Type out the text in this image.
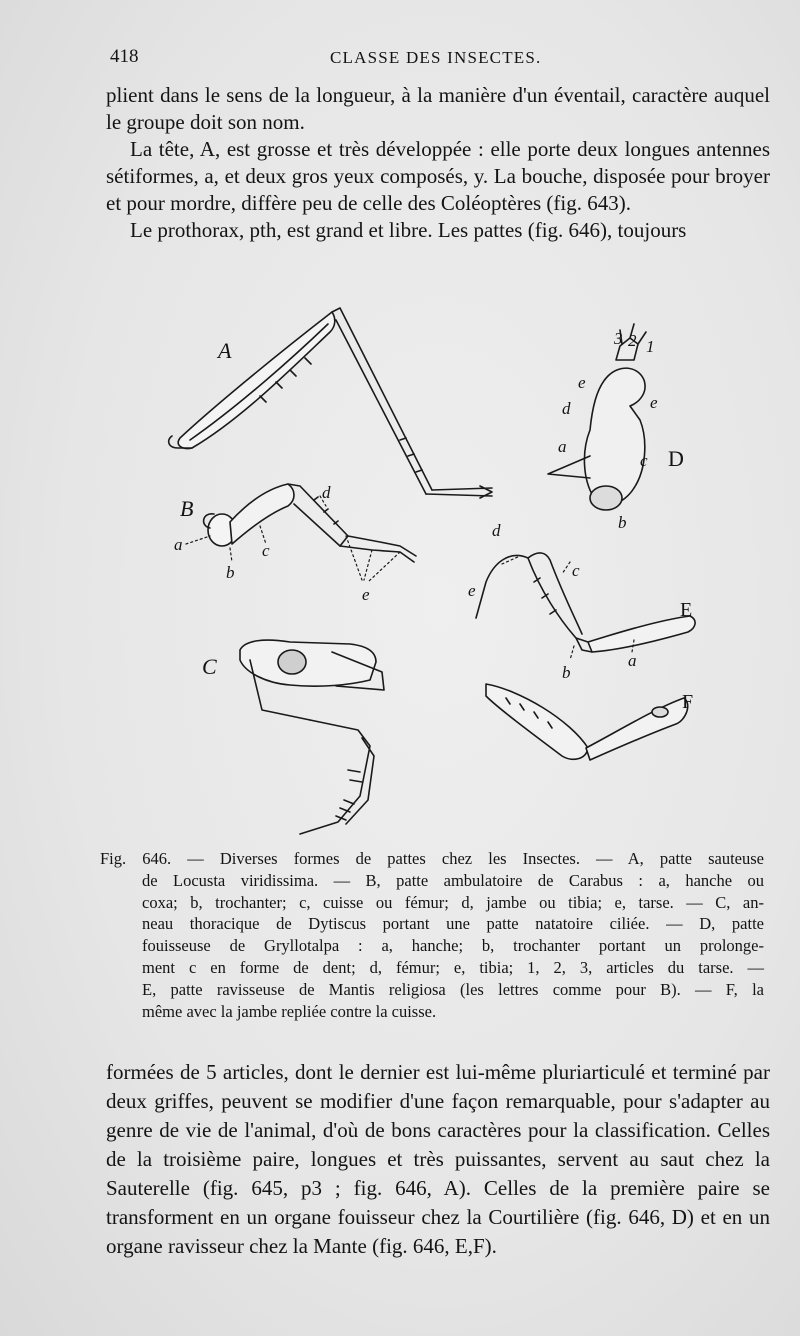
418	CLASSE DES INSECTES.

plient dans le sens de la longueur, à la manière d'un éventail, caractère auquel le groupe doit son nom.

La tête, A, est grosse et très développée : elle porte deux longues antennes sétiformes, a, et deux gros yeux composés, y. La bouche, disposée pour broyer et pour mordre, diffère peu de celle des Coléoptères (fig. 643).

Le prothorax, pth, est grand et libre. Les pattes (fig. 646), toujours

A
B
C
D
E
F
a
b
c
d
e
a
b
c
d
e
e
3 2 1
d
c
e
b
a
Fig. 646. — Diverses formes de pattes chez les Insectes. — A, patte sauteuse
de Locusta viridissima. — B, patte ambulatoire de Carabus : a, hanche ou
coxa; b, trochanter; c, cuisse ou fémur; d, jambe ou tibia; e, tarse. — C, an-
neau thoracique de Dytiscus portant une patte natatoire ciliée. — D, patte
fouisseuse de Gryllotalpa : a, hanche; b, trochanter portant un prolonge-
ment c en forme de dent; d, fémur; e, tibia; 1, 2, 3, articles du tarse. —
E, patte ravisseuse de Mantis religiosa (les lettres comme pour B). — F, la
même avec la jambe repliée contre la cuisse.

formées de 5 articles, dont le dernier est lui-même pluriarticulé et terminé par deux griffes, peuvent se modifier d'une façon remarquable, pour s'adapter au genre de vie de l'animal, d'où de bons caractères pour la classification. Celles de la troisième paire, longues et très puissantes, servent au saut chez la Sauterelle (fig. 645, p3 ; fig. 646, A). Celles de la première paire se transforment en un organe fouisseur chez la Courtilière (fig. 646, D) et en un organe ravisseur chez la Mante (fig. 646, E,F).
